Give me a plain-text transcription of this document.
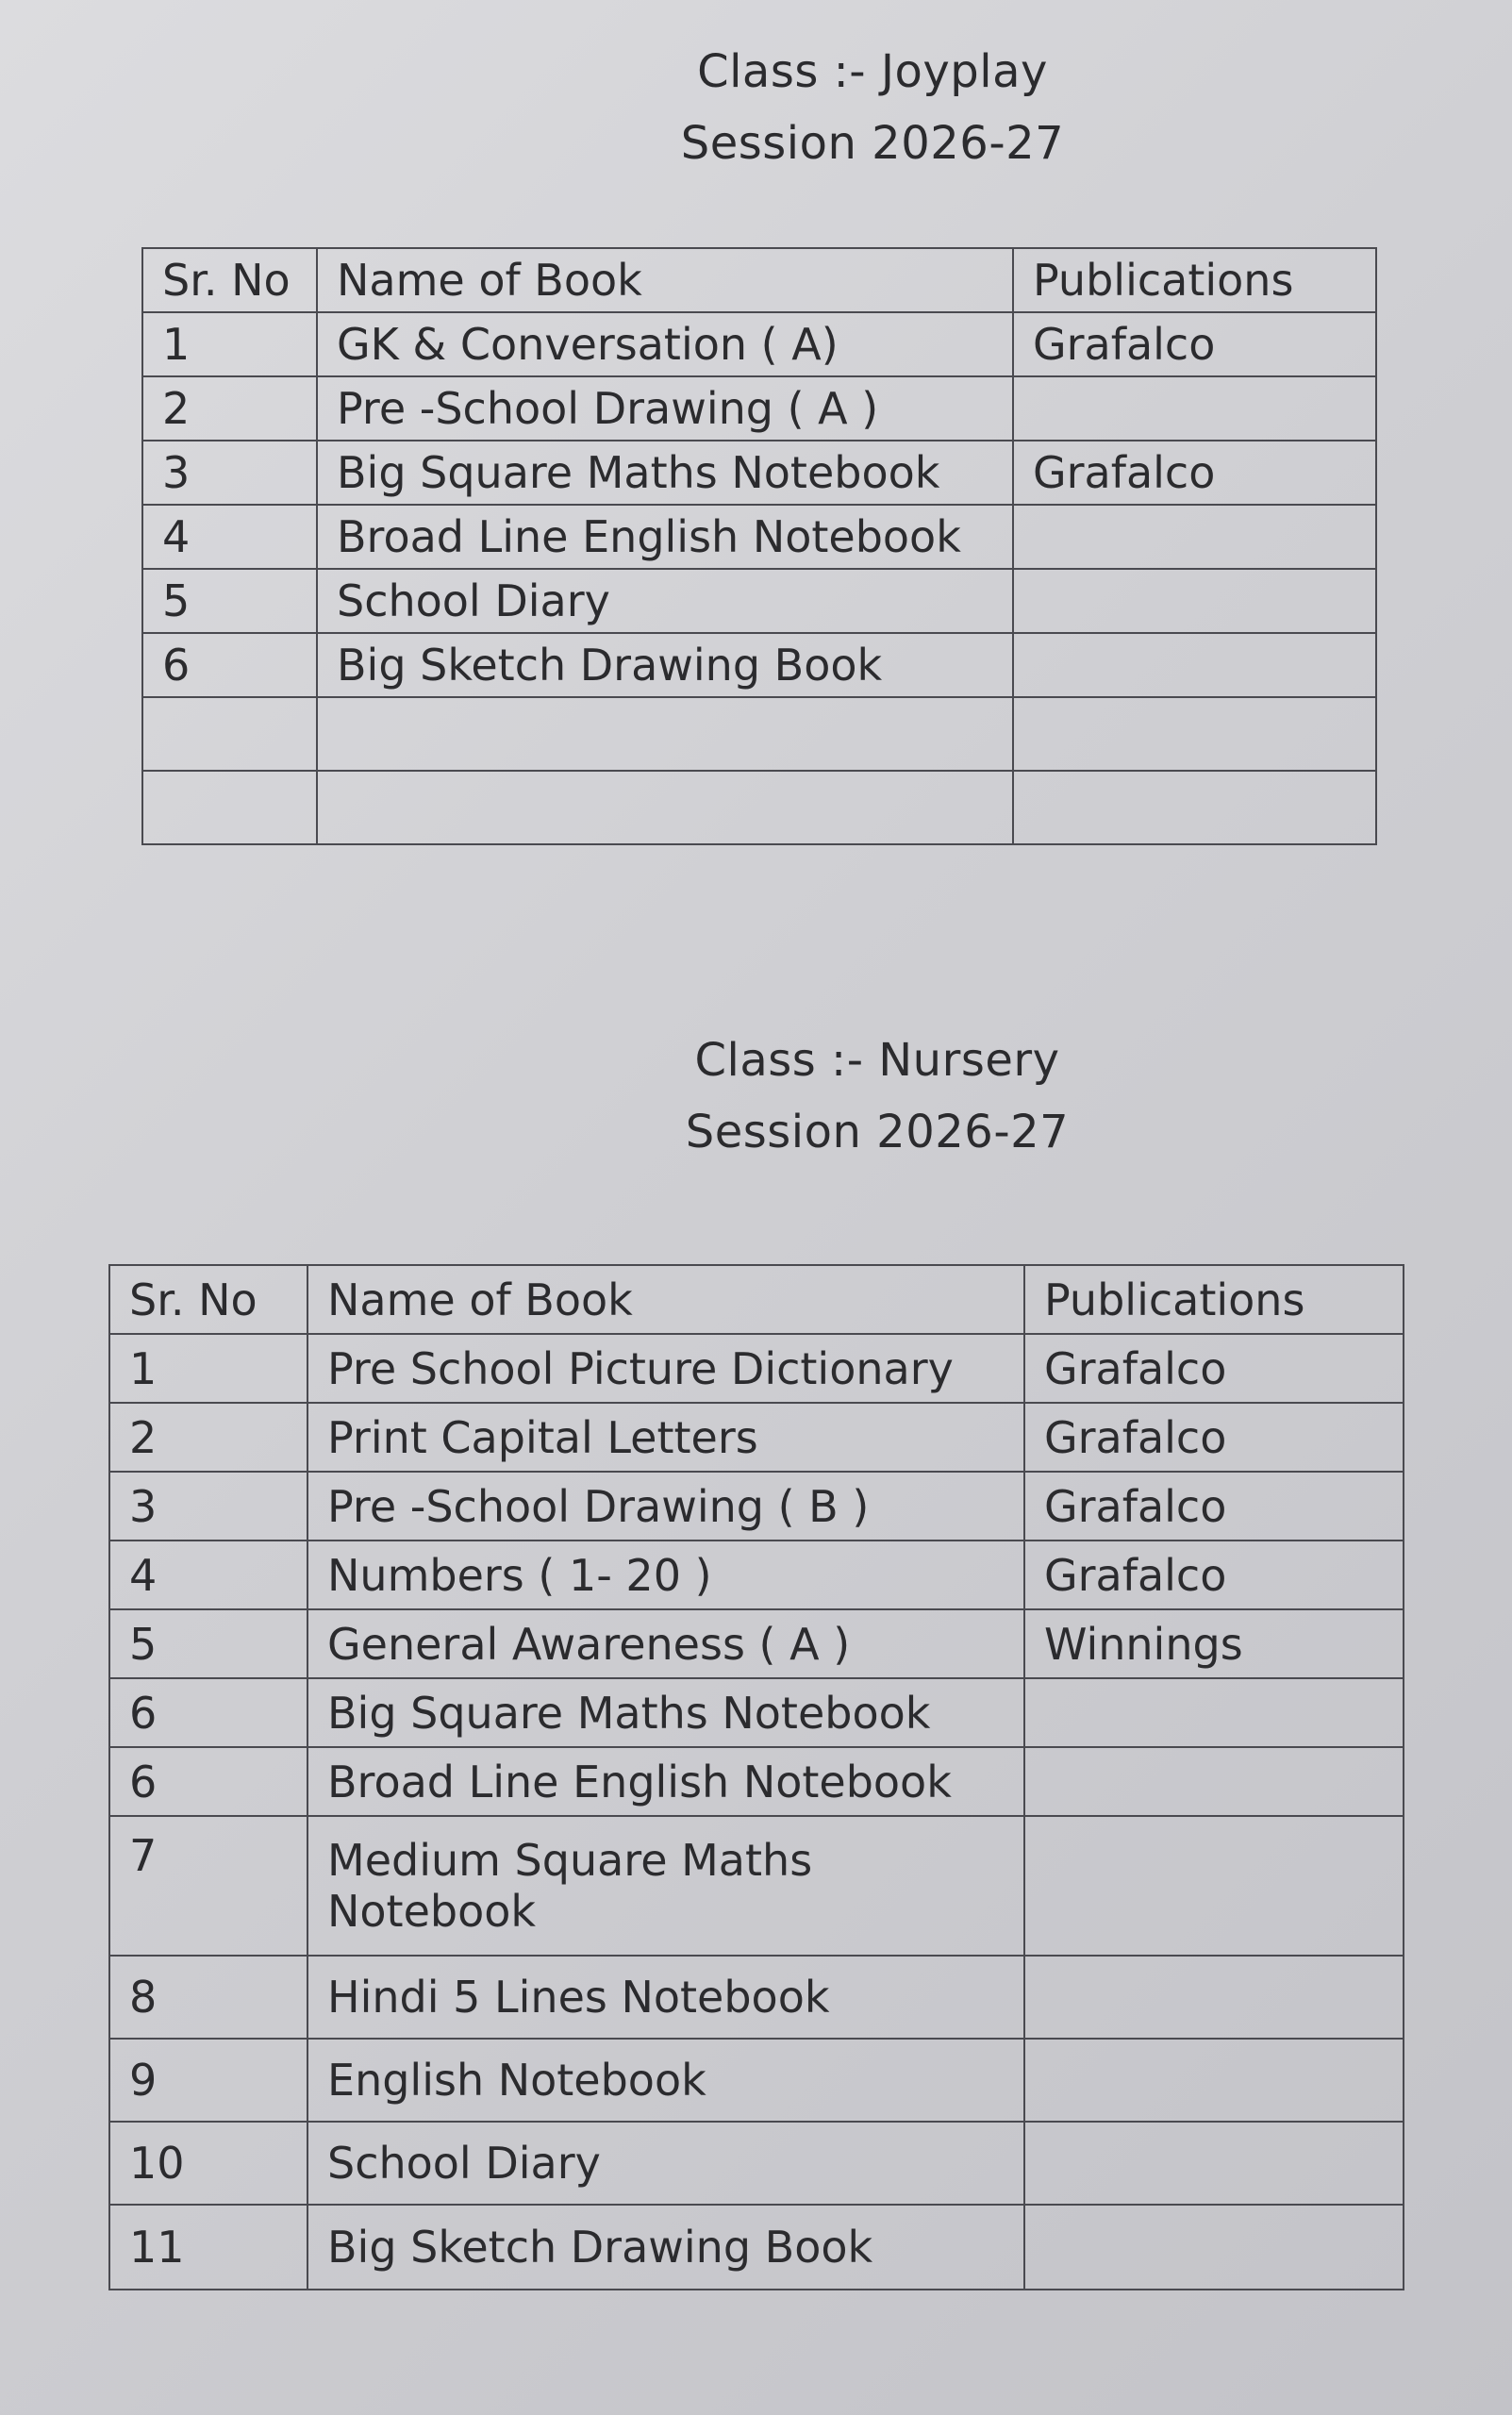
Class :- Joyplay
Session 2026-27
Sr. No	Name of Book	Publications
1	GK & Conversation ( A)	Grafalco
2	Pre -School Drawing ( A )	
3	Big Square Maths Notebook	Grafalco
4	Broad Line English Notebook	
5	School Diary	
6	Big Sketch Drawing Book	

Class :- Nursery
Session 2026-27
Sr. No	Name of Book	Publications
1	Pre School Picture Dictionary	Grafalco
2	Print Capital Letters	Grafalco
3	Pre -School Drawing ( B )	Grafalco
4	Numbers ( 1- 20 )	Grafalco
5	General Awareness ( A )	Winnings
6	Big Square Maths Notebook	
6	Broad Line English Notebook	
7	Medium Square Maths Notebook	
8	Hindi 5 Lines Notebook	
9	English Notebook	
10	School Diary	
11	Big Sketch Drawing Book	
